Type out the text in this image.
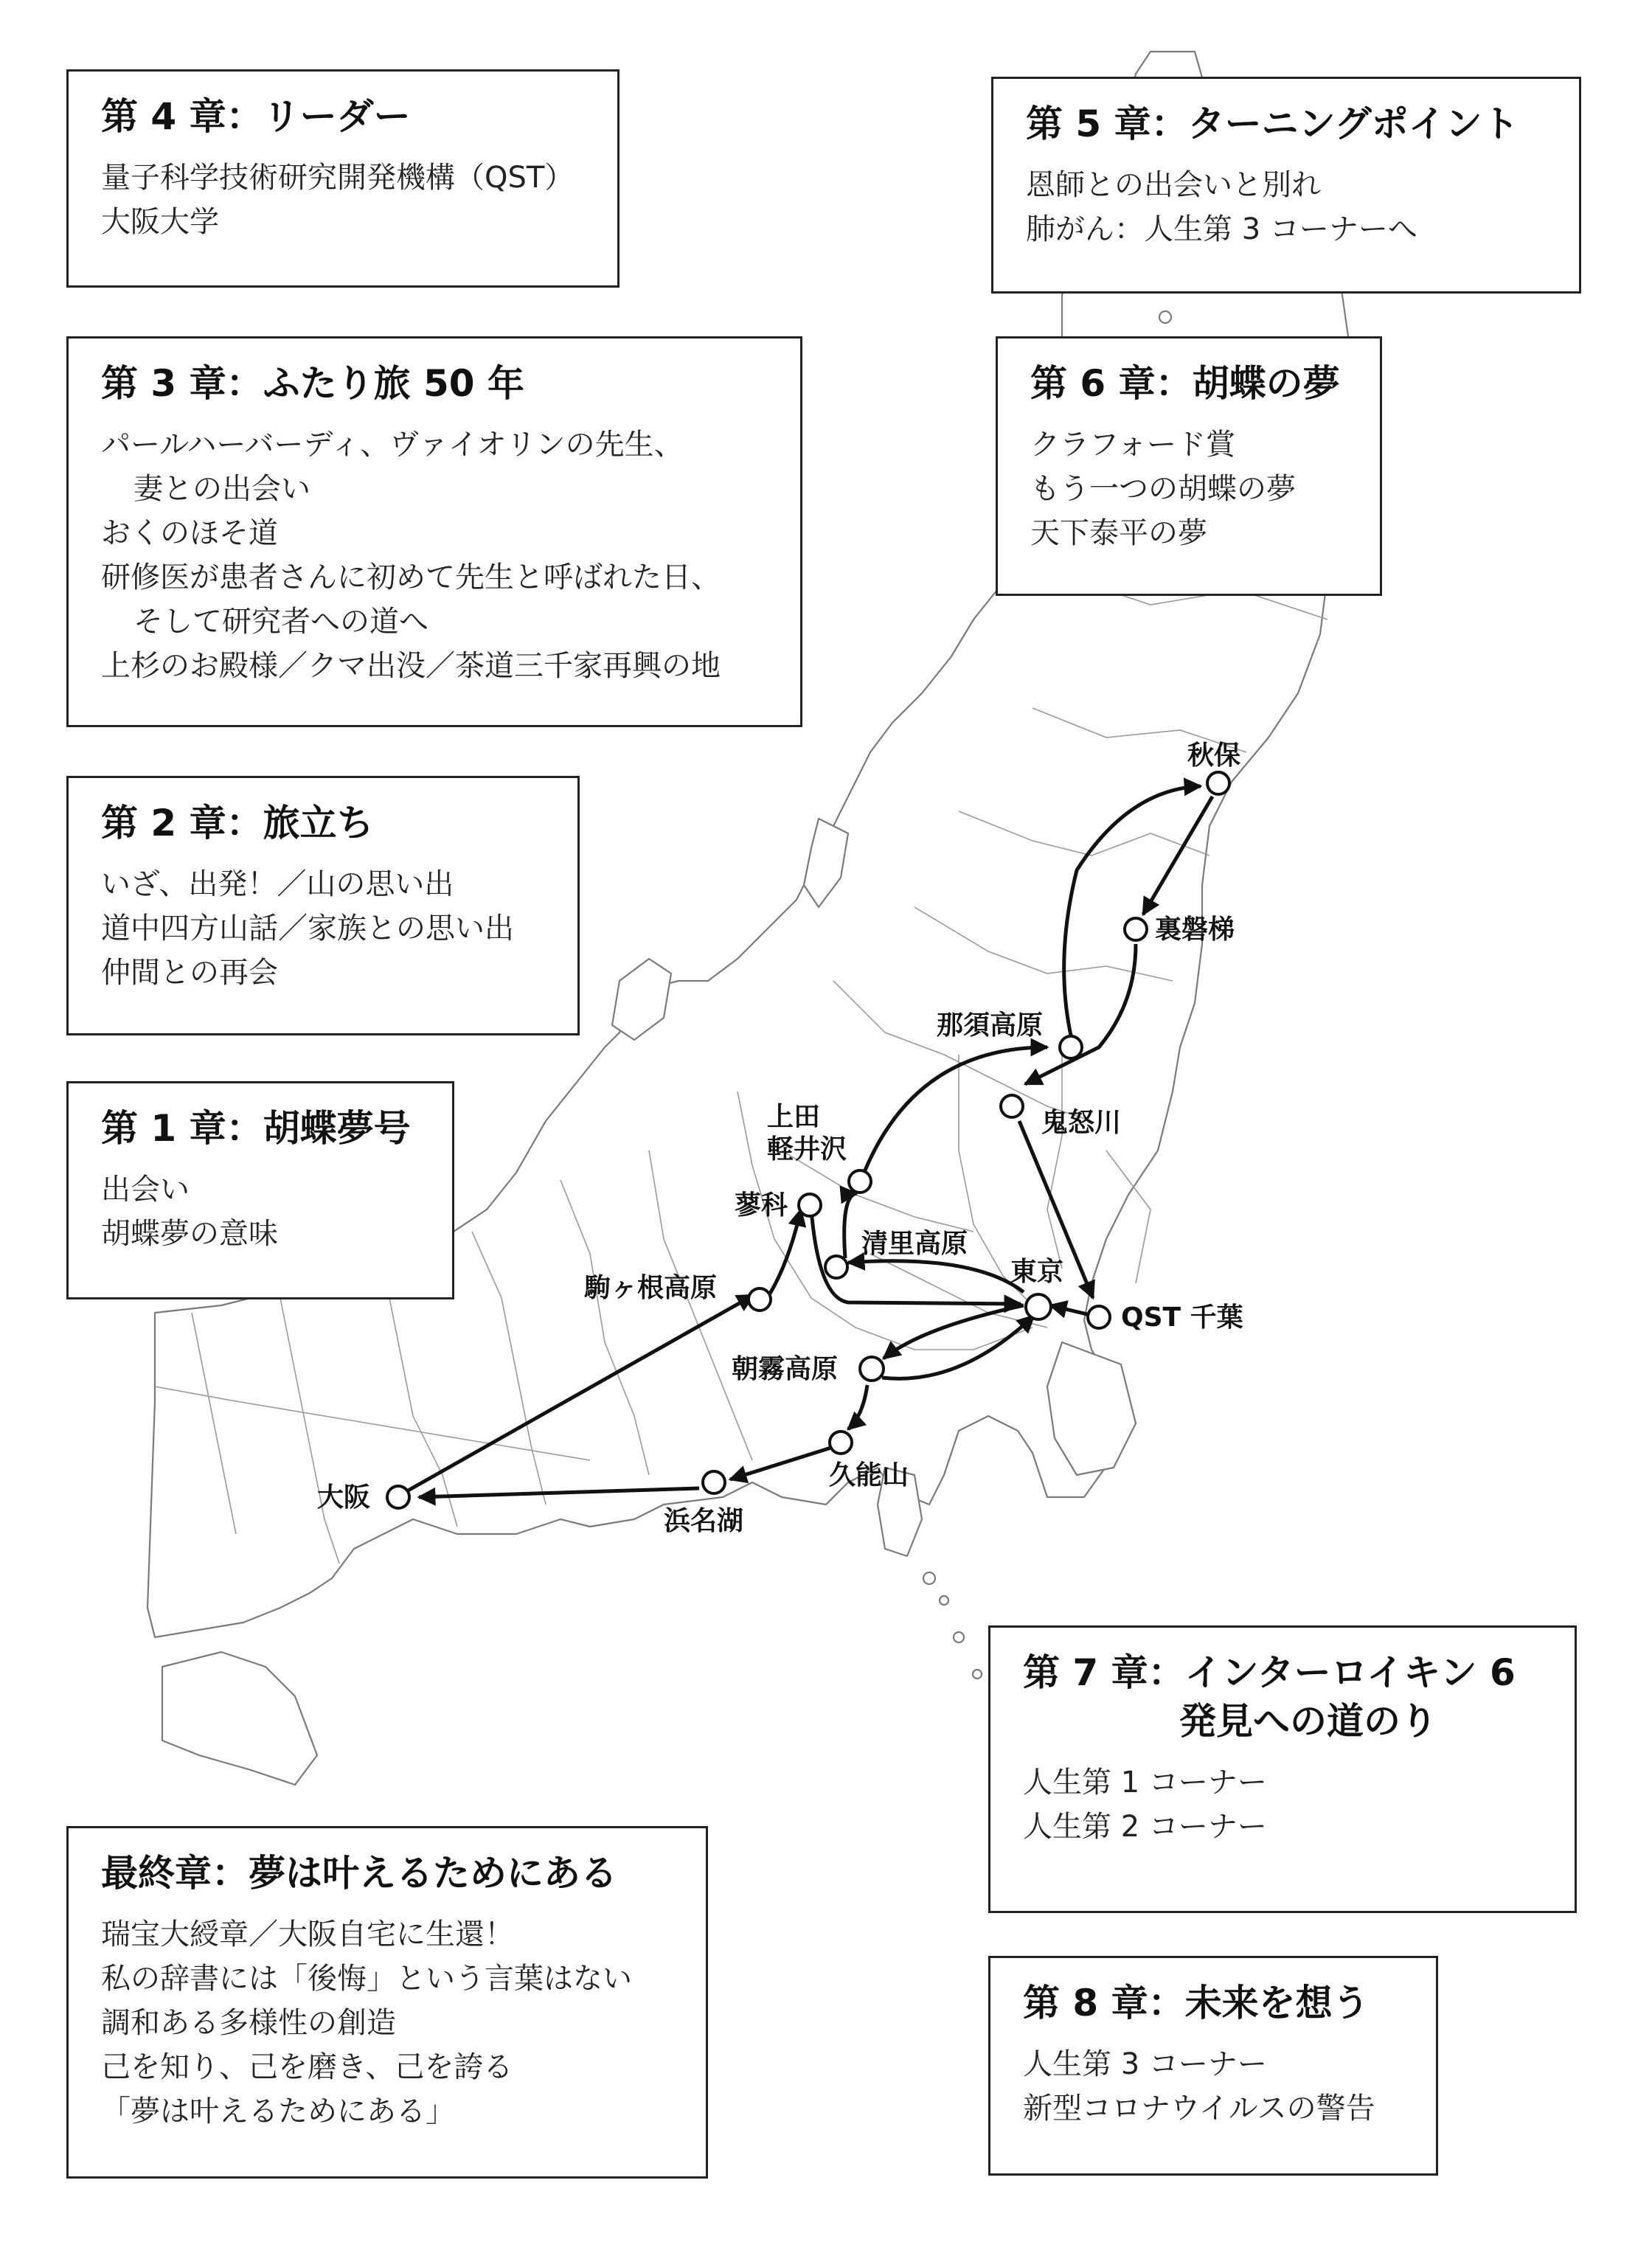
秋保
裏磐梯
那須高原
鬼怒川
上田
軽井沢
蓼科
清里高原
東京
QST 千葉
駒ヶ根高原
朝霧高原
久能山
浜名湖
大阪
第 4 章：リーダー
量子科学技術研究開発機構（QST）
大阪大学
第 5 章：ターニングポイント
恩師との出会いと別れ
肺がん：人生第 3 コーナーへ
第 3 章：ふたり旅 50 年
パールハーバーディ、ヴァイオリンの先生、
妻との出会い
おくのほそ道
研修医が患者さんに初めて先生と呼ばれた日、
そして研究者への道へ
上杉のお殿様／クマ出没／茶道三千家再興の地
第 6 章：胡蝶の夢
クラフォード賞
もう一つの胡蝶の夢
天下泰平の夢
第 2 章：旅立ち
いざ、出発！／山の思い出
道中四方山話／家族との思い出
仲間との再会
第 1 章：胡蝶夢号
出会い
胡蝶夢の意味
第 7 章：インターロイキン 6
発見への道のり
人生第 1 コーナー
人生第 2 コーナー
最終章：夢は叶えるためにある
瑞宝大綬章／大阪自宅に生還！
私の辞書には「後悔」という言葉はない
調和ある多様性の創造
己を知り、己を磨き、己を誇る
「夢は叶えるためにある」
第 8 章：未来を想う
人生第 3 コーナー
新型コロナウイルスの警告
